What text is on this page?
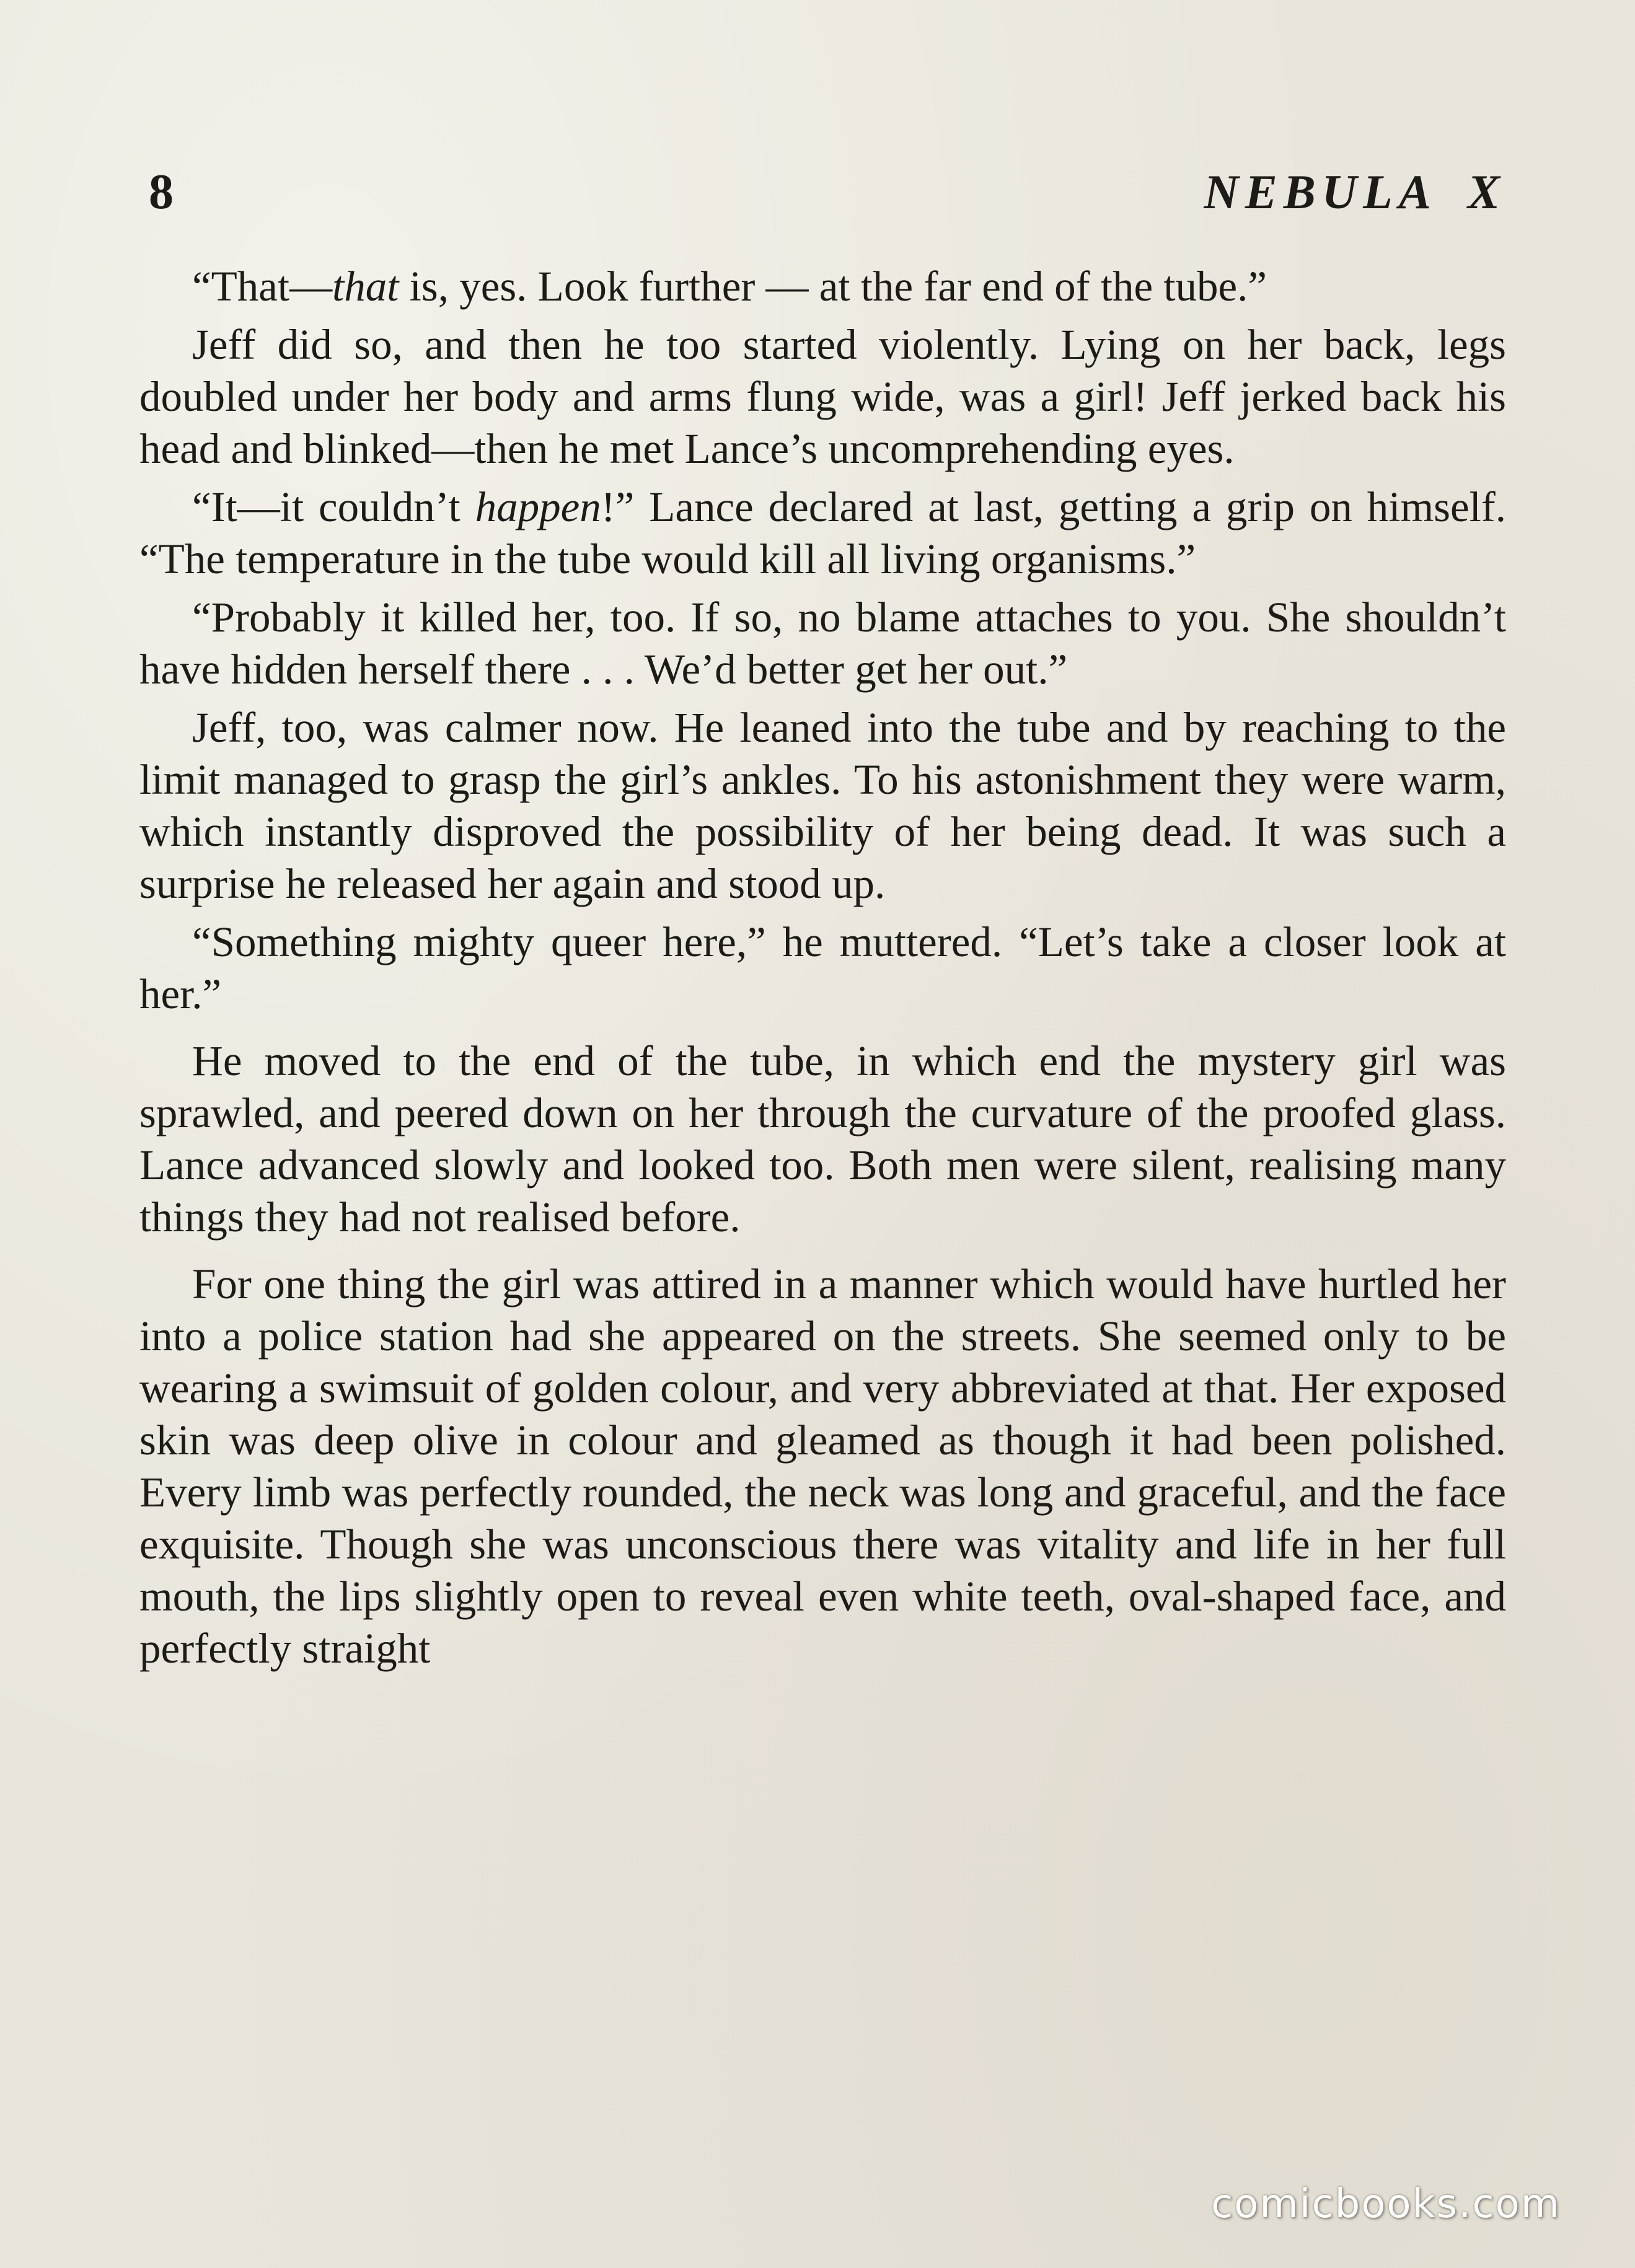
8	NEBULA X

“That—that is, yes. Look further — at the far end of the tube.”

Jeff did so, and then he too started violently. Lying on her back, legs doubled under her body and arms flung wide, was a girl! Jeff jerked back his head and blinked—then he met Lance’s uncomprehending eyes.

“It—it couldn’t happen!” Lance declared at last, getting a grip on himself. “The temperature in the tube would kill all living organisms.”

“Probably it killed her, too. If so, no blame attaches to you. She shouldn’t have hidden herself there . . . We’d better get her out.”

Jeff, too, was calmer now. He leaned into the tube and by reaching to the limit managed to grasp the girl’s ankles. To his astonishment they were warm, which instantly disproved the possibility of her being dead. It was such a surprise he released her again and stood up.

“Something mighty queer here,” he muttered. “Let’s take a closer look at her.”

He moved to the end of the tube, in which end the mystery girl was sprawled, and peered down on her through the curvature of the proofed glass. Lance advanced slowly and looked too. Both men were silent, realising many things they had not realised before.

For one thing the girl was attired in a manner which would have hurtled her into a police station had she appeared on the streets. She seemed only to be wearing a swimsuit of golden colour, and very abbreviated at that. Her exposed skin was deep olive in colour and gleamed as though it had been polished. Every limb was perfectly rounded, the neck was long and graceful, and the face exquisite. Though she was unconscious there was vitality and life in her full mouth, the lips slightly open to reveal even white teeth, oval-shaped face, and perfectly straight

comicbooks.com
